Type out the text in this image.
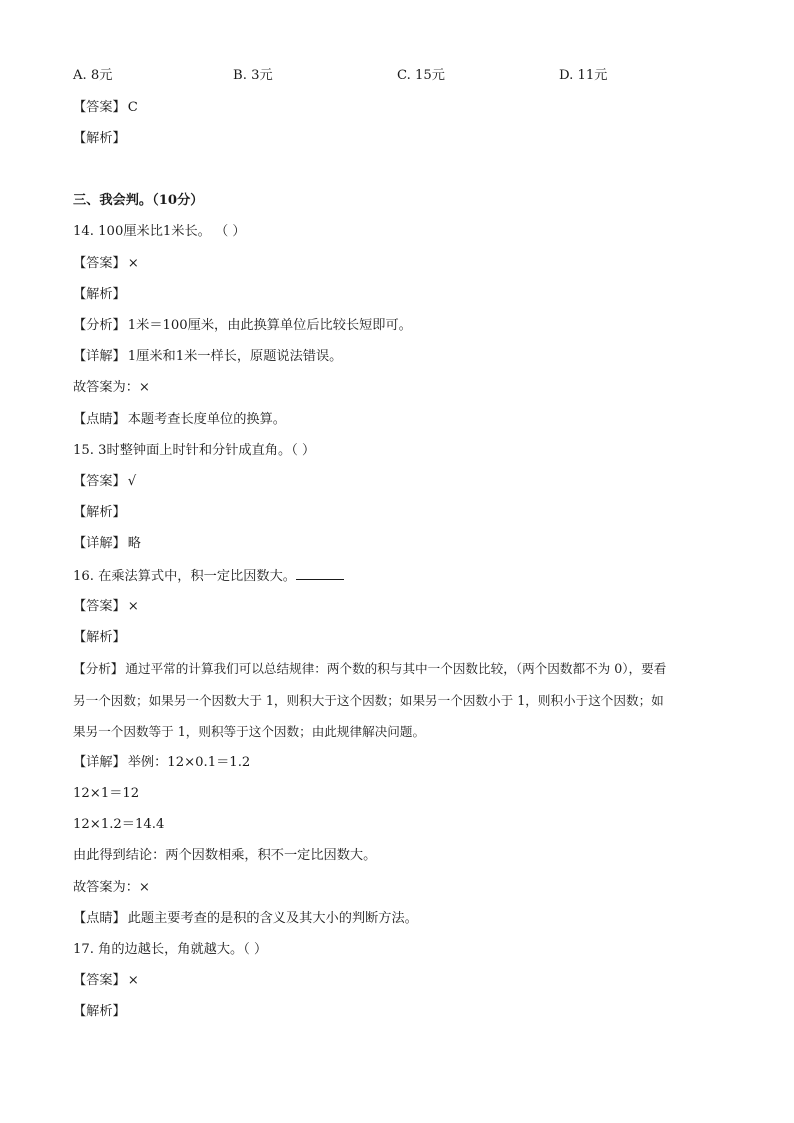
A. 8元	B. 3元	C. 15元	D. 11元
【答案】 C
【解析】
三、我会判。（10分）
14. 100厘米比1米长。 （ ）
【答案】 ×
【解析】
【分析】 1米＝100厘米，由此换算单位后比较长短即可。
【详解】 1厘米和1米一样长，原题说法错误。
故答案为：×
【点睛】 本题考查长度单位的换算。
15. 3时整钟面上时针和分针成直角。（ ）
【答案】 √
【解析】
【详解】 略
16. 在乘法算式中，积一定比因数大。
【答案】 ×
【解析】
【分析】 通过平常的计算我们可以总结规律：两个数的积与其中一个因数比较，（两个因数都不为 0），要看
另一个因数；如果另一个因数大于 1，则积大于这个因数；如果另一个因数小于 1，则积小于这个因数；如
果另一个因数等于 1，则积等于这个因数；由此规律解决问题。
【详解】 举例：12×0.1＝1.2
12×1＝12
12×1.2＝14.4
由此得到结论：两个因数相乘，积不一定比因数大。
故答案为：×
【点睛】 此题主要考查的是积的含义及其大小的判断方法。
17. 角的边越长，角就越大。（ ）
【答案】 ×
【解析】
